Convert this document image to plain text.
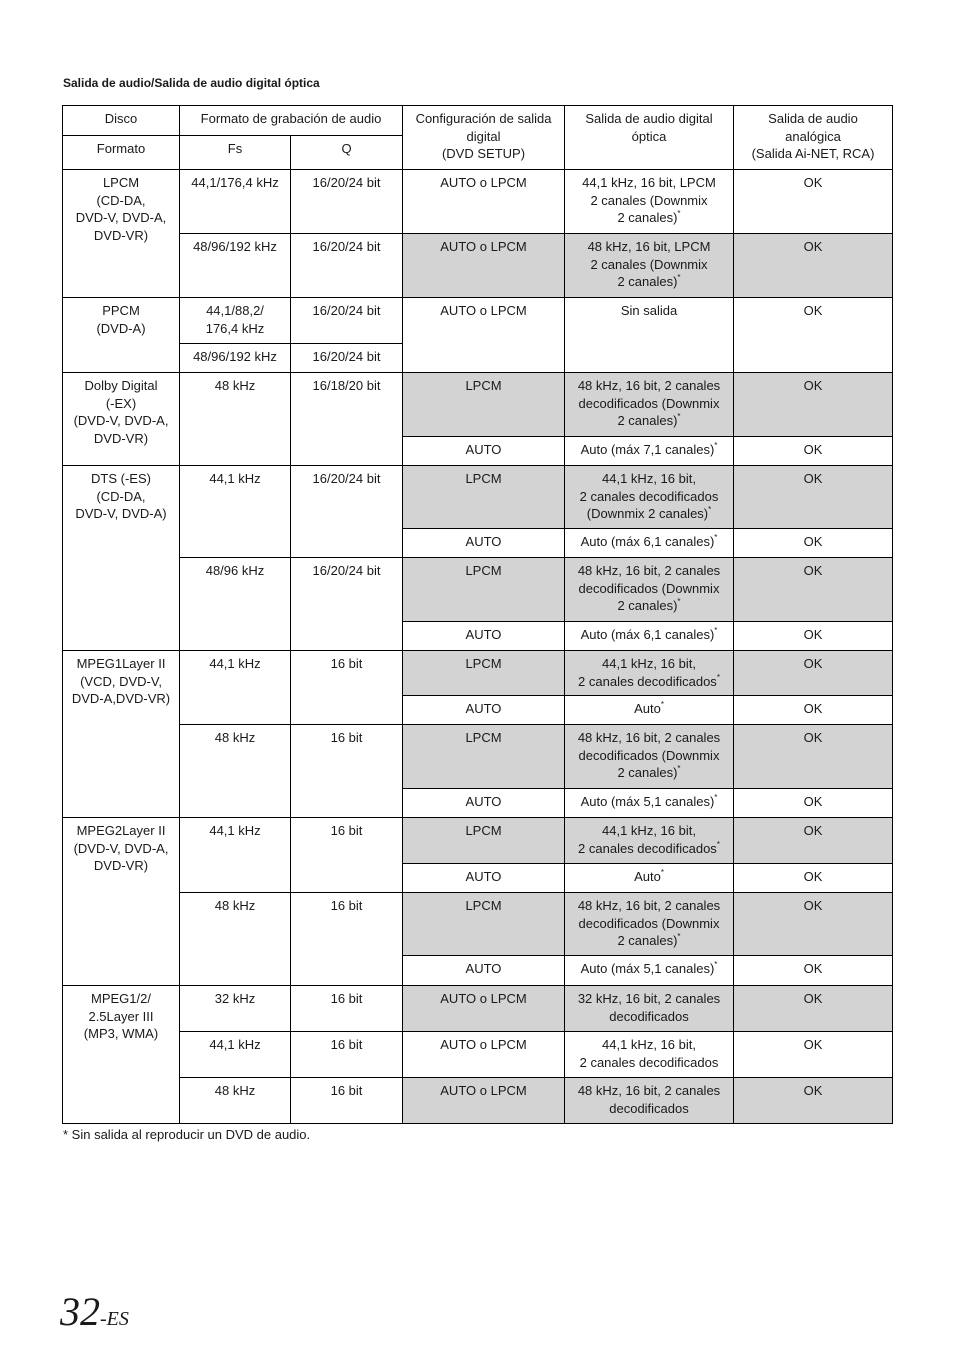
Salida de audio/Salida de audio digital óptica
Disco	Formato de grabación de audio		Configuración de salida
digital
(DVD SETUP)	Salida de audio digital
óptica	Salida de audio
analógica
(Salida Ai-NET, RCA)
Formato	Fs	Q			
LPCM
(CD-DA,
DVD-V, DVD-A,
DVD-VR)	44,1/176,4 kHz	16/20/24 bit	AUTO o LPCM	44,1 kHz, 16 bit, LPCM
2 canales (Downmix
2 canales)*	OK
	48/96/192 kHz	16/20/24 bit	AUTO o LPCM	48 kHz, 16 bit, LPCM
2 canales (Downmix
2 canales)*	OK
PPCM
(DVD-A)	44,1/88,2/
176,4 kHz	16/20/24 bit	AUTO o LPCM	Sin salida	OK
	48/96/192 kHz	16/20/24 bit			
Dolby Digital
(-EX)
(DVD-V, DVD-A,
DVD-VR)	48 kHz	16/18/20 bit	LPCM	48 kHz, 16 bit, 2 canales
decodificados (Downmix
2 canales)*	OK
			AUTO	Auto (máx 7,1 canales)*	OK
DTS (-ES)
(CD-DA,
DVD-V, DVD-A)	44,1 kHz	16/20/24 bit	LPCM	44,1 kHz, 16 bit,
2 canales decodificados
(Downmix 2 canales)*	OK
			AUTO	Auto (máx 6,1 canales)*	OK
	48/96 kHz	16/20/24 bit	LPCM	48 kHz, 16 bit, 2 canales
decodificados (Downmix
2 canales)*	OK
			AUTO	Auto (máx 6,1 canales)*	OK
MPEG1Layer II
(VCD, DVD-V,
DVD-A,DVD-VR)	44,1 kHz	16 bit	LPCM	44,1 kHz, 16 bit,
2 canales decodificados*	OK
			AUTO	Auto*	OK
	48 kHz	16 bit	LPCM	48 kHz, 16 bit, 2 canales
decodificados (Downmix
2 canales)*	OK
			AUTO	Auto (máx 5,1 canales)*	OK
MPEG2Layer II
(DVD-V, DVD-A,
DVD-VR)	44,1 kHz	16 bit	LPCM	44,1 kHz, 16 bit,
2 canales decodificados*	OK
			AUTO	Auto*	OK
	48 kHz	16 bit	LPCM	48 kHz, 16 bit, 2 canales
decodificados (Downmix
2 canales)*	OK
			AUTO	Auto (máx 5,1 canales)*	OK
MPEG1/2/
2.5Layer III
(MP3, WMA)	32 kHz	16 bit	AUTO o LPCM	32 kHz, 16 bit, 2 canales
decodificados	OK
	44,1 kHz	16 bit	AUTO o LPCM	44,1 kHz, 16 bit,
2 canales decodificados	OK
	48 kHz	16 bit	AUTO o LPCM	48 kHz, 16 bit, 2 canales
decodificados	OK
* Sin salida al reproducir un DVD de audio.
32-ES
